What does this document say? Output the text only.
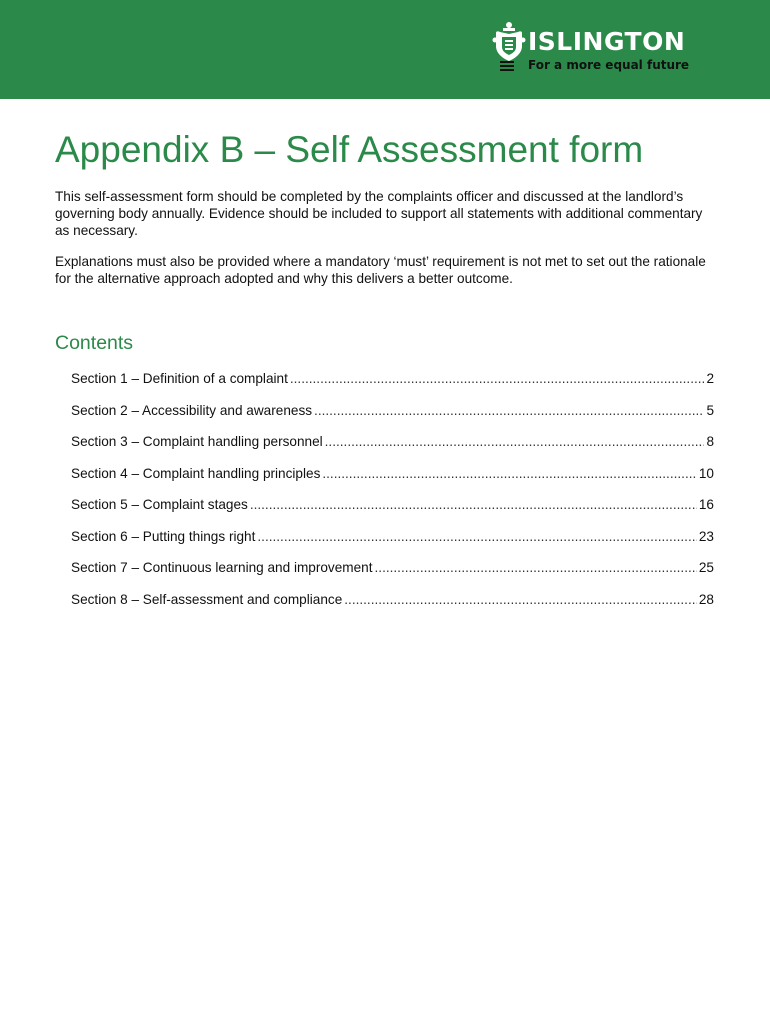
ISLINGTON
For a more equal future
Appendix B – Self Assessment form

This self-assessment form should be completed by the complaints officer and discussed at the landlord’s governing body annually. Evidence should be included to support all statements with additional commentary as necessary.

Explanations must also be provided where a mandatory ‘must’ requirement is not met to set out the rationale for the alternative approach adopted and why this delivers a better outcome.

Contents
Section 1 – Definition of a complaint .....	2
Section 2 – Accessibility and awareness .....	5
Section 3 – Complaint handling personnel .....	8
Section 4 – Complaint handling principles .....	10
Section 5 – Complaint stages .....	16
Section 6 – Putting things right .....	23
Section 7 – Continuous learning and improvement .....	25
Section 8 – Self-assessment and compliance .....	28
